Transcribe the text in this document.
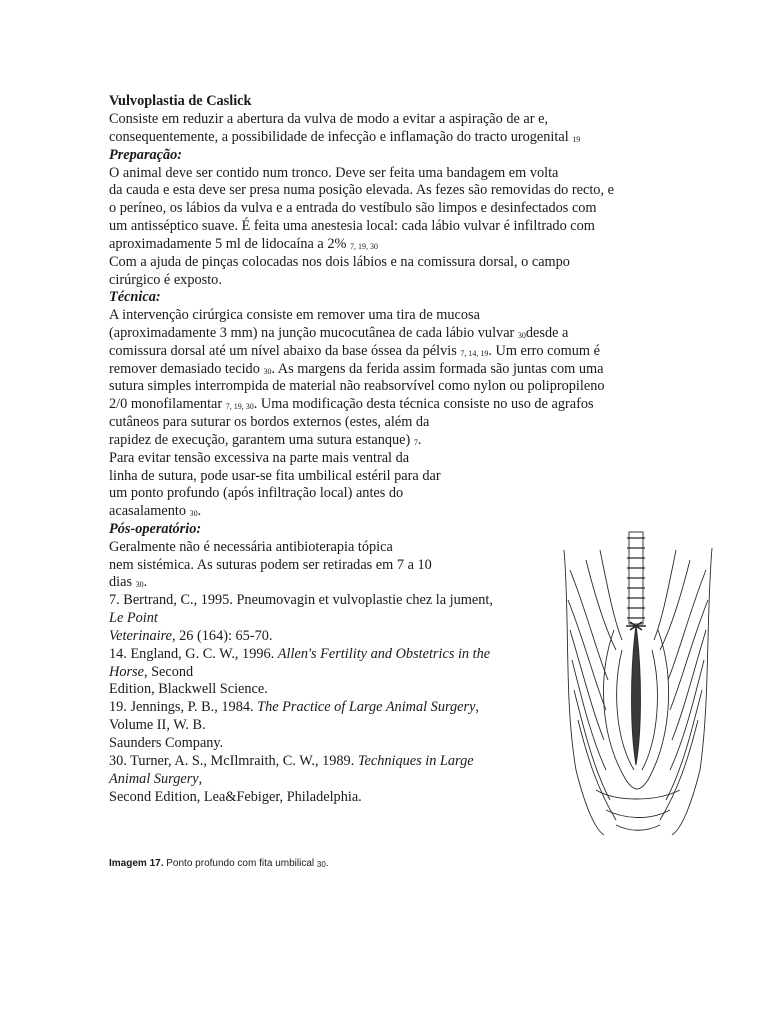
Vulvoplastia de Caslick
Consiste em reduzir a abertura da vulva de modo a evitar a aspiração de ar e,
consequentemente, a possibilidade de infecção e inflamação do tracto urogenital 19
Preparação:
O animal deve ser contido num tronco. Deve ser feita uma bandagem em volta
da cauda e esta deve ser presa numa posição elevada. As fezes são removidas do recto, e
o períneo, os lábios da vulva e a entrada do vestíbulo são limpos e desinfectados com
um antisséptico suave. É feita uma anestesia local: cada lábio vulvar é infiltrado com
aproximadamente 5 ml de lidocaína a 2% 7, 19, 30
Com a ajuda de pinças colocadas nos dois lábios e na comissura dorsal, o campo
cirúrgico é exposto.
Técnica:
A intervenção cirúrgica consiste em remover uma tira de mucosa
(aproximadamente 3 mm) na junção mucocutânea de cada lábio vulvar 30desde a
comissura dorsal até um nível abaixo da base óssea da pélvis 7, 14, 19. Um erro comum é
remover demasiado tecido 30. As margens da ferida assim formada são juntas com uma
sutura simples interrompida de material não reabsorvível como nylon ou polipropileno
2/0 monofilamentar 7, 19, 30. Uma modificação desta técnica consiste no uso de agrafos
cutâneos para suturar os bordos externos (estes, além da
rapidez de execução, garantem uma sutura estanque) 7.
Para evitar tensão excessiva na parte mais ventral da
linha de sutura, pode usar-se fita umbilical estéril para dar
um ponto profundo (após infiltração local) antes do
acasalamento 30.
Pós-operatório:
Geralmente não é necessária antibioterapia tópica
nem sistémica. As suturas podem ser retiradas em 7 a 10
dias 30.
7. Bertrand, C., 1995. Pneumovagin et vulvoplastie chez la jument,
Le Point
Veterinaire, 26 (164): 65-70.
14. England, G. C. W., 1996. Allen's Fertility and Obstetrics in the
Horse, Second
Edition, Blackwell Science.
19. Jennings, P. B., 1984. The Practice of Large Animal Surgery,
Volume II, W. B.
Saunders Company.
30. Turner, A. S., McIlmraith, C. W., 1989. Techniques in Large
Animal Surgery,
Second Edition, Lea&Febiger, Philadelphia.
Imagem 17. Ponto profundo com fita umbilical 30.
